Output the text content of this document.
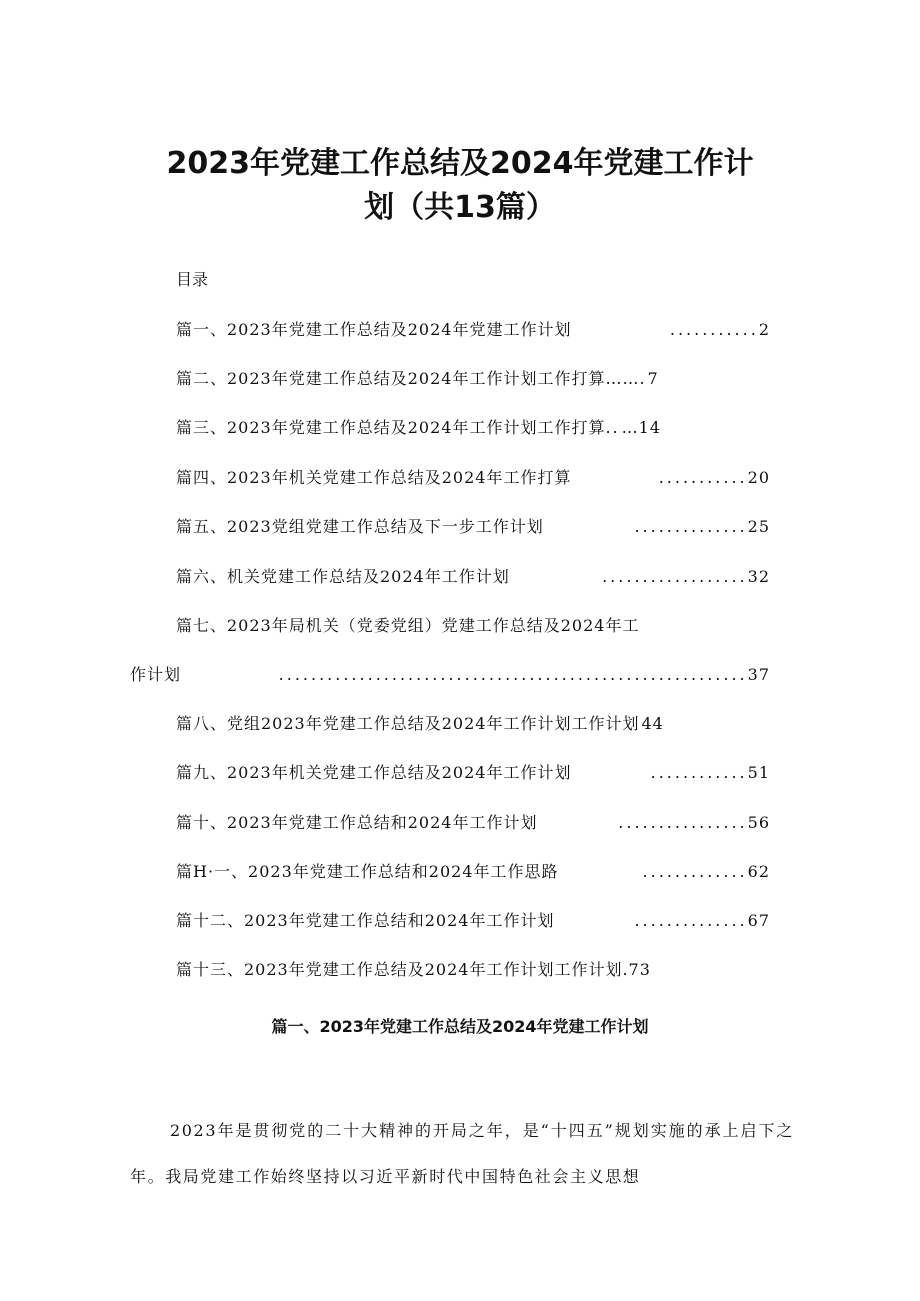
2023年党建工作总结及2024年党建工作计
划（共13篇）

目录

篇一、2023年党建工作总结及2024年党建工作计划	........... 2
篇二、2023年党建工作总结及2024年工作计划工作打算…… . 7
篇三、2023年党建工作总结及2024年工作计划工作打算 .. …14
篇四、2023年机关党建工作总结及2024年工作打算	........... 20
篇五、2023党组党建工作总结及下一步工作计划	.............. 25
篇六、机关党建工作总结及2024年工作计划	.................. 32
篇七、2023年局机关（党委党组）党建工作总结及2024年工
作计划	.......................................................... 37
篇八、党组2023年党建工作总结及2024年工作计划工作计划 44
篇九、2023年机关党建工作总结及2024年工作计划	............ 51
篇十、2023年党建工作总结和2024年工作计划	................ 56
篇H·一、2023年党建工作总结和2024年工作思路	............. 62
篇十二、2023年党建工作总结和2024年工作计划	.............. 67
篇十三、2023年党建工作总结及2024年工作计划工作计划 . 73
篇一、2023年党建工作总结及2024年党建工作计划

2023年是贯彻党的二十大精神的开局之年，是“十四五”规划实施的承上启下之年。我局党建工作始终坚持以习近平新时代中国特色社会主义思想
